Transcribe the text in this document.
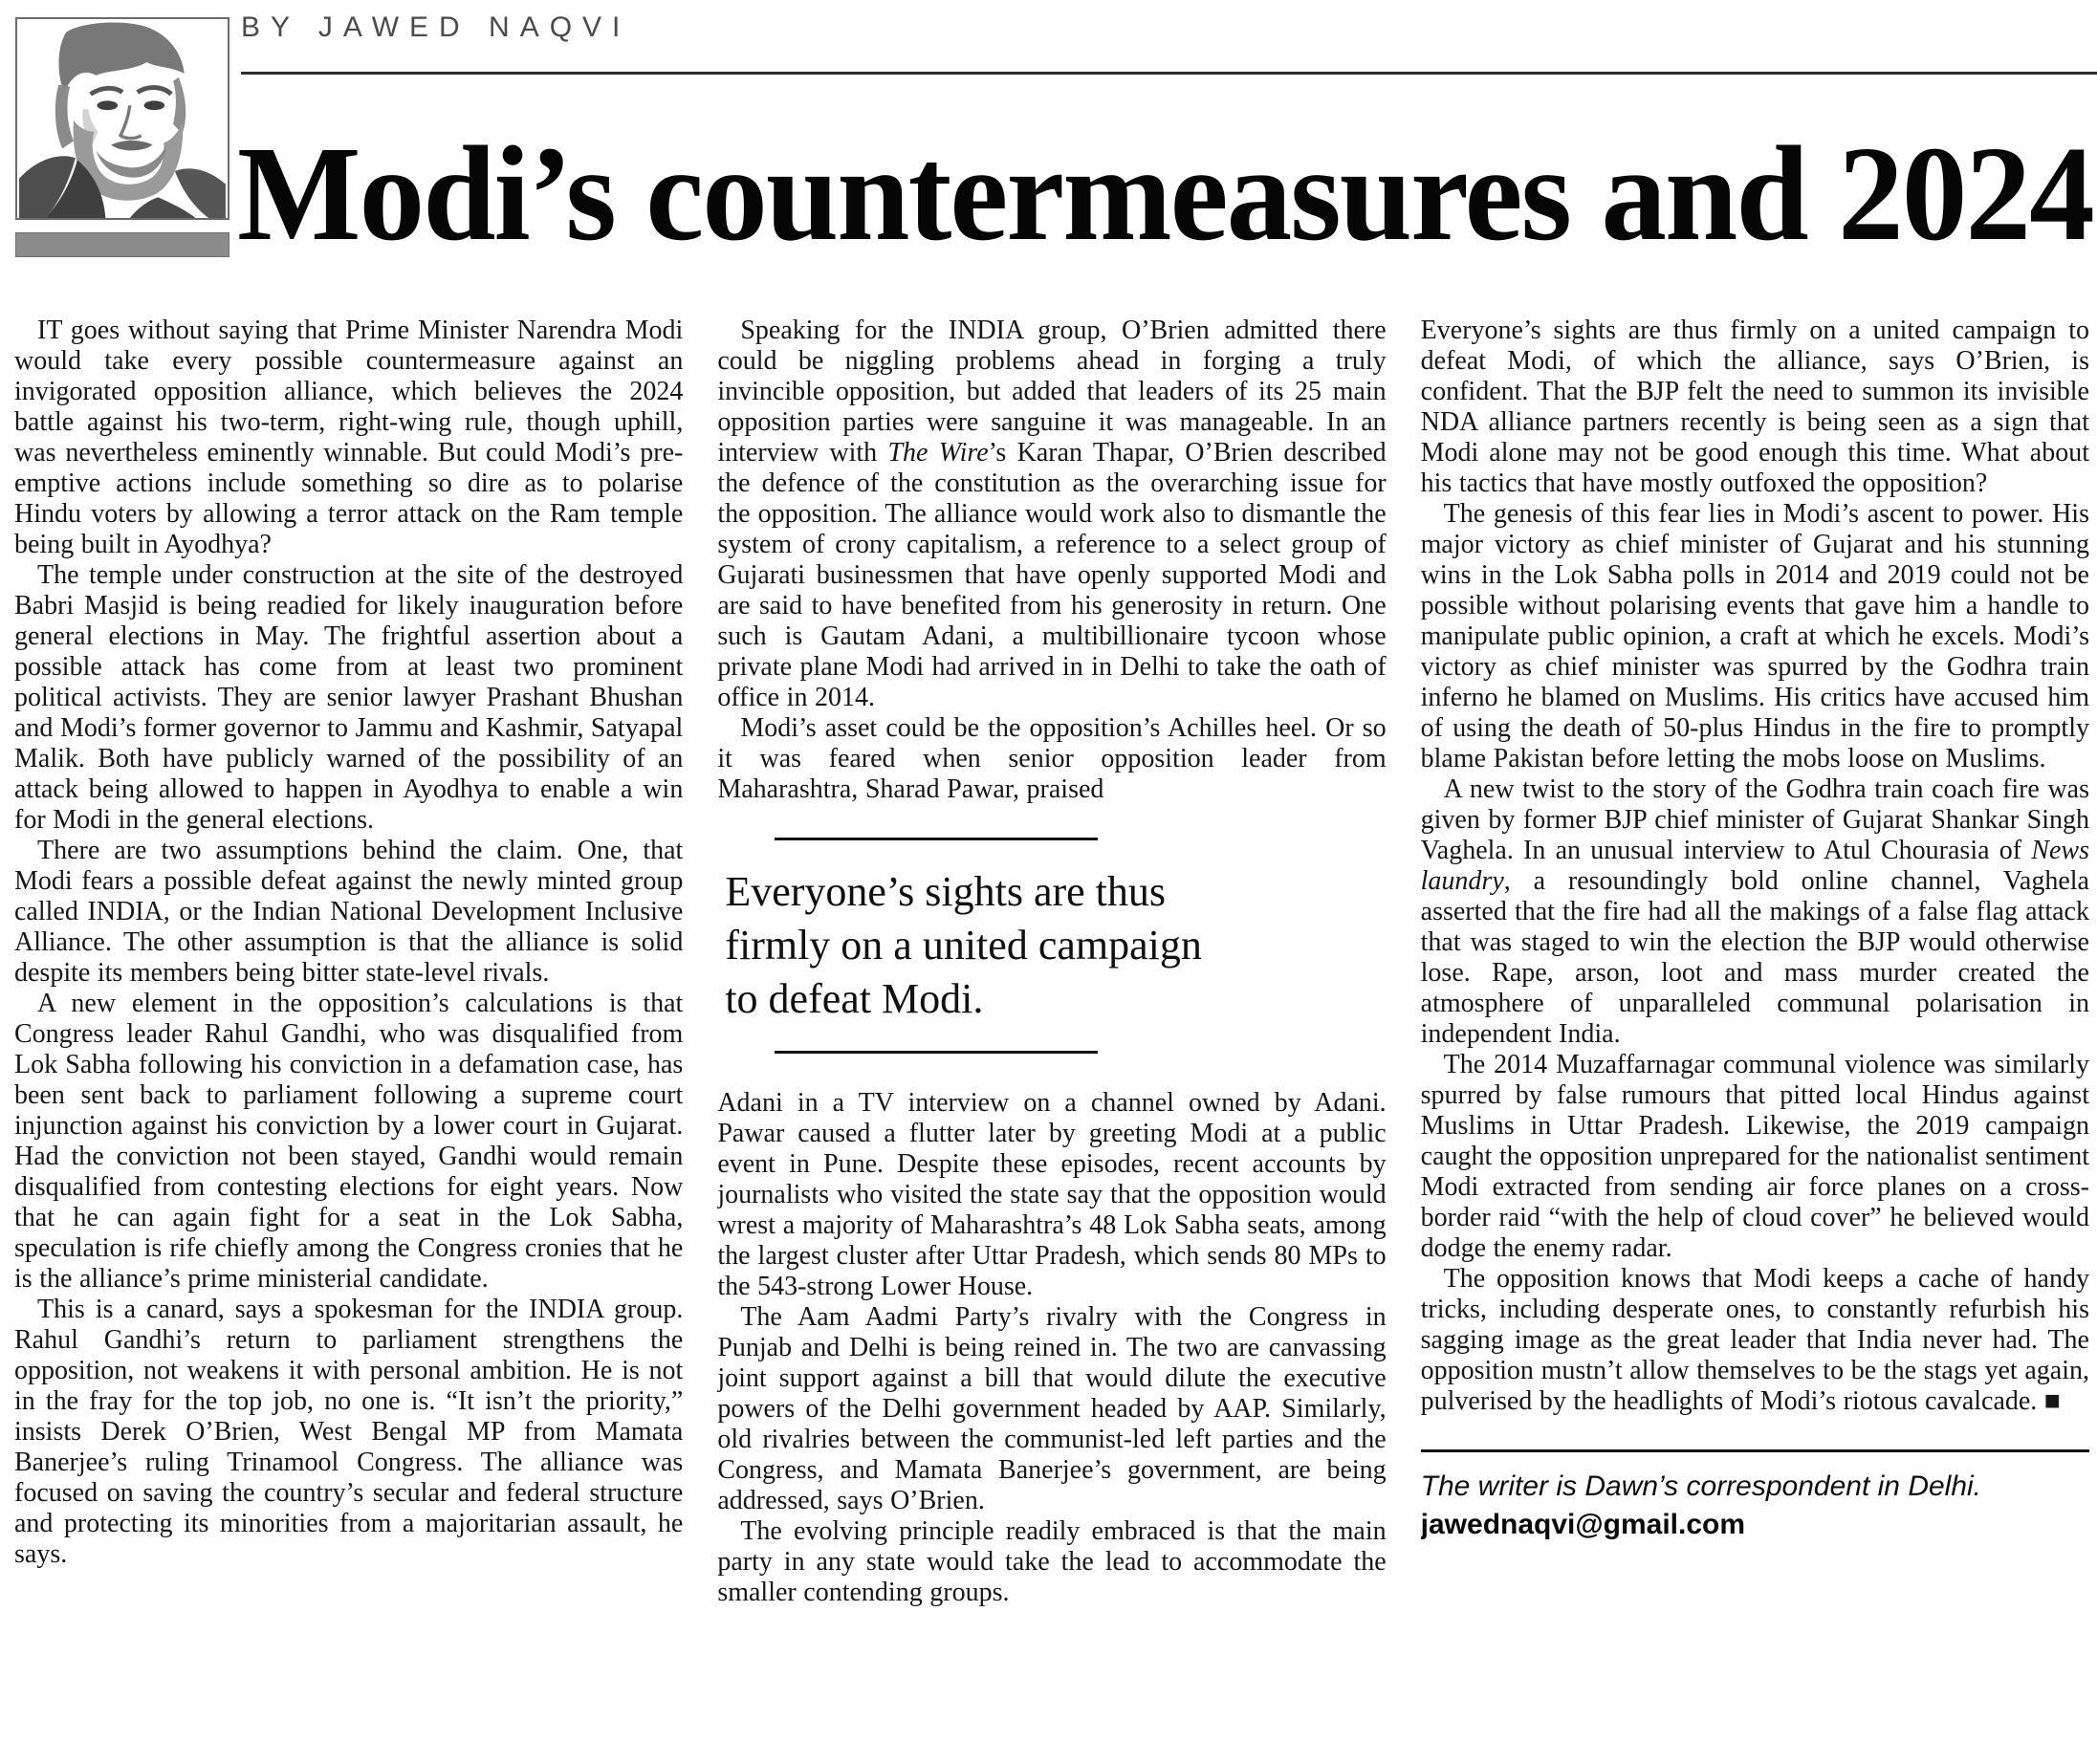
BY JAWED NAQVI
Modi’s countermeasures and 2024

IT goes without saying that Prime Minister Narendra Modi would take every possible countermeasure against an invigorated opposition alliance, which believes the 2024 battle against his two-term, right-wing rule, though uphill, was nevertheless eminently winnable. But could Modi’s pre-emptive actions include something so dire as to polarise Hindu voters by allowing a terror attack on the Ram temple being built in Ayodhya?

The temple under construction at the site of the destroyed Babri Masjid is being readied for likely inauguration before general elections in May. The frightful assertion about a possible attack has come from at least two prominent political activists. They are senior lawyer Prashant Bhushan and Modi’s former governor to Jammu and Kashmir, Satyapal Malik. Both have publicly warned of the possibility of an attack being allowed to happen in Ayodhya to enable a win for Modi in the general elections.

There are two assumptions behind the claim. One, that Modi fears a possible defeat against the newly minted group called INDIA, or the Indian National Development Inclusive Alliance. The other assumption is that the alliance is solid despite its members being bitter state-level rivals.

A new element in the opposition’s calculations is that Congress leader Rahul Gandhi, who was disqualified from Lok Sabha following his conviction in a defamation case, has been sent back to parliament following a supreme court injunction against his conviction by a lower court in Gujarat. Had the conviction not been stayed, Gandhi would remain disqualified from contesting elections for eight years. Now that he can again fight for a seat in the Lok Sabha, speculation is rife chiefly among the Congress cronies that he is the alliance’s prime ministerial candidate.

This is a canard, says a spokesman for the INDIA group. Rahul Gandhi’s return to parliament strengthens the opposition, not weakens it with personal ambition. He is not in the fray for the top job, no one is. “It isn’t the priority,” insists Derek O’Brien, West Bengal MP from Mamata Banerjee’s ruling Trinamool Congress. The alliance was focused on saving the country’s secular and federal structure and protecting its minorities from a majoritarian assault, he says.

Speaking for the INDIA group, O’Brien admitted there could be niggling problems ahead in forging a truly invincible opposition, but added that leaders of its 25 main opposition parties were sanguine it was manageable. In an interview with The Wire’s Karan Thapar, O’Brien described the defence of the constitution as the overarching issue for the opposition. The alliance would work also to dismantle the system of crony capitalism, a reference to a select group of Gujarati businessmen that have openly supported Modi and are said to have benefited from his generosity in return. One such is Gautam Adani, a multibillionaire tycoon whose private plane Modi had arrived in in Delhi to take the oath of office in 2014.

Modi’s asset could be the opposition’s Achilles heel. Or so it was feared when senior opposition leader from Maharashtra, Sharad Pawar, praised

Everyone’s sights are thus firmly on a united campaign to defeat Modi.

Adani in a TV interview on a channel owned by Adani. Pawar caused a flutter later by greeting Modi at a public event in Pune. Despite these episodes, recent accounts by journalists who visited the state say that the opposition would wrest a majority of Maharashtra’s 48 Lok Sabha seats, among the largest cluster after Uttar Pradesh, which sends 80 MPs to the 543-strong Lower House.

The Aam Aadmi Party’s rivalry with the Congress in Punjab and Delhi is being reined in. The two are canvassing joint support against a bill that would dilute the executive powers of the Delhi government headed by AAP. Similarly, old rivalries between the communist-led left parties and the Congress, and Mamata Banerjee’s government, are being addressed, says O’Brien.

The evolving principle readily embraced is that the main party in any state would take the lead to accommodate the smaller contending groups.

Everyone’s sights are thus firmly on a united campaign to defeat Modi, of which the alliance, says O’Brien, is confident. That the BJP felt the need to summon its invisible NDA alliance partners recently is being seen as a sign that Modi alone may not be good enough this time. What about his tactics that have mostly outfoxed the opposition?

The genesis of this fear lies in Modi’s ascent to power. His major victory as chief minister of Gujarat and his stunning wins in the Lok Sabha polls in 2014 and 2019 could not be possible without polarising events that gave him a handle to manipulate public opinion, a craft at which he excels. Modi’s victory as chief minister was spurred by the Godhra train inferno he blamed on Muslims. His critics have accused him of using the death of 50-plus Hindus in the fire to promptly blame Pakistan before letting the mobs loose on Muslims.

A new twist to the story of the Godhra train coach fire was given by former BJP chief minister of Gujarat Shankar Singh Vaghela. In an unusual interview to Atul Chourasia of News laundry, a resoundingly bold online channel, Vaghela asserted that the fire had all the makings of a false flag attack that was staged to win the election the BJP would otherwise lose. Rape, arson, loot and mass murder created the atmosphere of unparalleled communal polarisation in independent India.

The 2014 Muzaffarnagar communal violence was similarly spurred by false rumours that pitted local Hindus against Muslims in Uttar Pradesh. Likewise, the 2019 campaign caught the opposition unprepared for the nationalist sentiment Modi extracted from sending air force planes on a cross-border raid “with the help of cloud cover” he believed would dodge the enemy radar.

The opposition knows that Modi keeps a cache of handy tricks, including desperate ones, to constantly refurbish his sagging image as the great leader that India never had. The opposition mustn’t allow themselves to be the stags yet again, pulverised by the headlights of Modi’s riotous cavalcade. ■

The writer is Dawn’s correspondent in Delhi.
jawednaqvi@gmail.com
